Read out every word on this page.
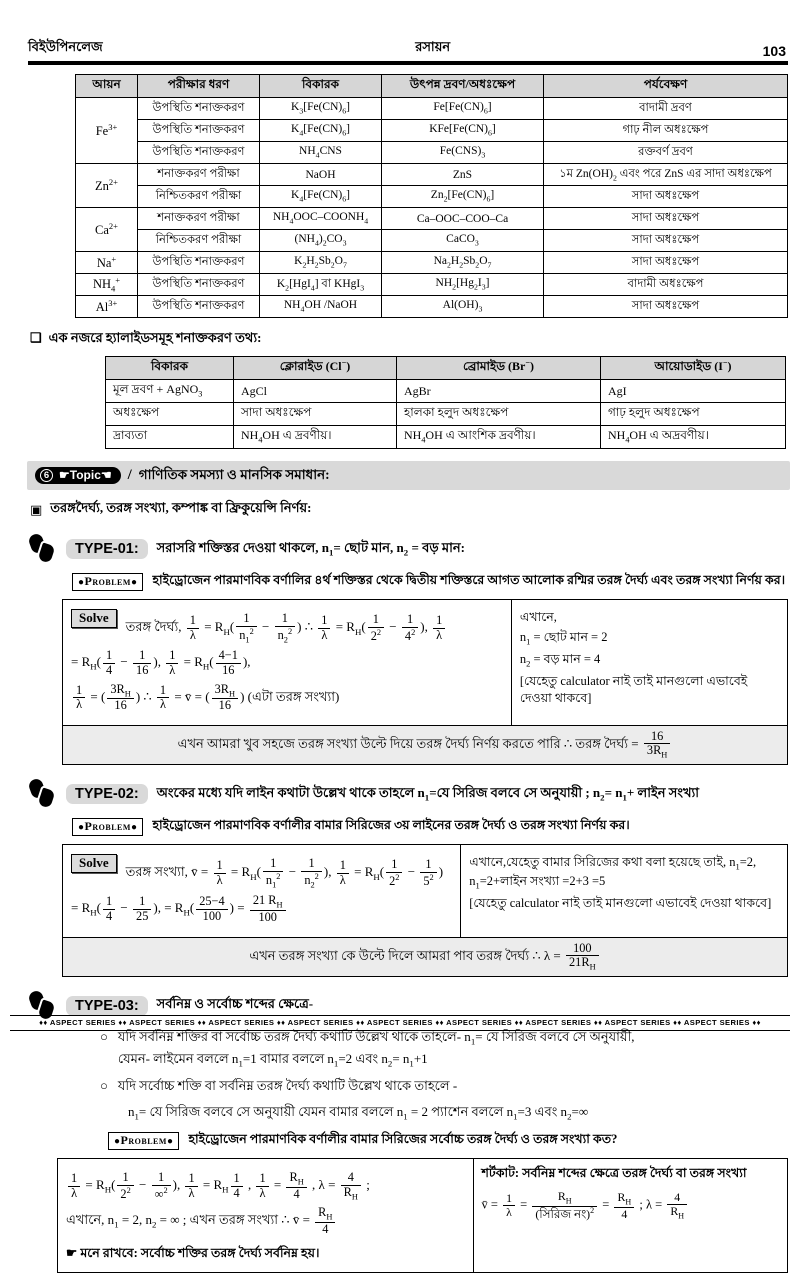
বিইউপিনলেজ	রসায়ন	103
আয়ন	পরীক্ষার ধরণ	বিকারক	উৎপন্ন দ্রবণ/অধঃক্ষেপ	পর্যবেক্ষণ
$Fe^{3+}$	উপস্থিতি শনাক্তকরণ	$K_3[Fe(CN)_6]$	$Fe[Fe(CN)_6]$	বাদামী দ্রবণ
	উপস্থিতি শনাক্তকরণ	$K_4[Fe(CN)_6]$	$KFe[Fe(CN)_6]$	গাঢ় নীল অধঃক্ষেপ
	উপস্থিতি শনাক্তকরণ	$NH_4CNS$	$Fe(CNS)_3$	রক্তবর্ণ দ্রবণ
$Zn^{2+}$	শনাক্তকরণ পরীক্ষা	NaOH	ZnS	১ম $Zn(OH)_2$ এবং পরে ZnS এর সাদা অধঃক্ষেপ
	নিশ্চিতকরণ পরীক্ষা	$K_4[Fe(CN)_6]$	$Zn_2[Fe(CN)_6]$	সাদা অধঃক্ষেপ
$Ca^{2+}$	শনাক্তকরণ পরীক্ষা	$NH_4OOC-COONH_4$	Ca–OOC–COO–Ca	সাদা অধঃক্ষেপ
	নিশ্চিতকরণ পরীক্ষা	$(NH_4)_2CO_3$	CaCO$_3$	সাদা অধঃক্ষেপ
Na+	উপস্থিতি শনাক্তকরণ	$K_2H_2Sb_2O_7$	$Na_2H_2Sb_2O_7$	সাদা অধঃক্ষেপ
$NH_4^+$	উপস্থিতি শনাক্তকরণ	$K_2[HgI_4]$ বা KHgI$_3$	$NH_2[Hg_2I_3]$	বাদামী অধঃক্ষেপ
$Al^{3+}$	উপস্থিতি শনাক্তকরণ	$NH_4OH$ /NaOH	$Al(OH)_3$	সাদা অধঃক্ষেপ
❏ এক নজরে হ্যালাইডসমূহ শনাক্তকরণ তথ্য:
বিকারক	ক্লোরাইড (Cl−)	ব্রোমাইড (Br−)	আয়োডাইড (I−)
মূল দ্রবণ + AgNO$_3$	AgCl	AgBr	AgI
অধঃক্ষেপ	সাদা অধঃক্ষেপ	হালকা হলুদ অধঃক্ষেপ	গাঢ় হলুদ অধঃক্ষেপ
দ্রাব্যতা	$NH_4OH$ এ দ্রবণীয়।	$NH_4OH$ এ আংশিক দ্রবণীয়।	$NH_4OH$ এ অদ্রবণীয়।
6 ☛Topic☚ / গাণিতিক সমস্যা ও মানসিক সমাধান:
▣ তরঙ্গদৈর্ঘ্য, তরঙ্গ সংখ্যা, কম্পাঙ্ক বা ফ্রিকুয়েন্সি নির্ণয়:
TYPE-01:	সরাসরি শক্তিস্তর দেওয়া থাকলে, $n_1=$ ছোট মান, $n_2$ = বড় মান:
●Problem●	হাইড্রোজেন পারমাণবিক বর্ণালির ৪র্থ শক্তিস্তর থেকে দ্বিতীয় শক্তিস্তরে আগত আলোক রশ্মির তরঙ্গ দৈর্ঘ্য এবং তরঙ্গ সংখ্যা নির্ণয় কর।
Solve
তরঙ্গ দৈর্ঘ্য, $\frac{1}{\lambda} = R_H( \frac{1}{n_1^2} - \frac{1}{n_2^2}$ ) ∴ $\frac{1}{\lambda} = R_H( \frac{1}{2^2} - \frac{1}{4^2}$ ), $\frac{1}{\lambda}$
= $R_H( \frac{1}{4} - \frac{1}{16}$ ), $\frac{1}{\lambda} = R_H( \frac{4-1}{16}$ ),
$\frac{1}{\lambda}$ = ( $\frac{3R_H}{16}$ ) ∴ $\frac{1}{\lambda}$ = v̄ = ( $\frac{3R_H}{16}$ ) (এটা তরঙ্গ সংখ্যা)
এখানে,
$n_1$ = ছোট মান = 2
$n_2$ = বড় মান = 4
[যেহেতু calculator নাই তাই মানগুলো এভাবেই দেওয়া থাকবে]
এখন আমরা খুব সহজে তরঙ্গ সংখ্যা উল্টে দিয়ে তরঙ্গ দৈর্ঘ্য নির্ণয় করতে পারি ∴ তরঙ্গ দৈর্ঘ্য = $\frac{16}{3R_H}$
TYPE-02:	অংকের মধ্যে যদি লাইন কথাটা উল্লেখ থাকে তাহলে $n_1=যে$ সিরিজ বলবে সে অনুযায়ী ; $n_2= n_1+$ লাইন সংখ্যা
●Problem●	হাইড্রোজেন পারমাণবিক বর্ণালীর বামার সিরিজের ৩য় লাইনের তরঙ্গ দৈর্ঘ্য ও তরঙ্গ সংখ্যা নির্ণয় কর।
Solve
তরঙ্গ সংখ্যা, v̄ = $\frac{1}{\lambda} = R_H( \frac{1}{n_1^2} - \frac{1}{n_2^2}$ ), $\frac{1}{\lambda} = R_H( \frac{1}{2^2} - \frac{1}{5^2}$ )
= $R_H( \frac{1}{4} - \frac{1}{25}$ ), = $R_H( \frac{25-4}{100}$ ) = $\frac{21 R_H}{100}$
এখানে,যেহেতু বামার সিরিজের কথা বলা হয়েছে তাই, $n_1=2$, $n_1=2+লাইন$ সংখ্যা =2+3 =5
[যেহেতু calculator নাই তাই মানগুলো এভাবেই দেওয়া থাকবে]
এখন তরঙ্গ সংখ্যা কে উল্টে দিলে আমরা পাব তরঙ্গ দৈর্ঘ্য ∴ $\lambda = \frac{100}{21R_H}$
TYPE-03:	সর্বনিম্ন ও সর্বোচ্চ শব্দের ক্ষেত্রে-
○ যদি সর্বনিম্ন শক্তির বা সর্বোচ্চ তরঙ্গ দৈর্ঘ্য কথাটি উল্লেখ থাকে তাহলে- $n_1=$ যে সিরিজ বলবে সে অনুযায়ী,
যেমন- লাইমেন বললে $n_1=1$ বামার বললে $n_1=2$ এবং $n_2= n_1+1$
○ যদি সর্বোচ্চ শক্তি বা সর্বনিম্ন তরঙ্গ দৈর্ঘ্য কথাটি উল্লেখ থাকে তাহলে -
$n_1=$ যে সিরিজ বলবে সে অনুযায়ী যেমন বামার বললে $n_1 = 2$ প্যাশেন বললে $n_1=3$ এবং $n_2=\infty$
●Problem●	হাইড্রোজেন পারমাণবিক বর্ণালীর বামার সিরিজের সর্বোচ্চ তরঙ্গ দৈর্ঘ্য ও তরঙ্গ সংখ্যা কত?
$\frac{1}{\lambda} = R_H( \frac{1}{2^2} - \frac{1}{\infty^2}$ ), $\frac{1}{\lambda} = R_H \frac{1}{4}$ , $\frac{1}{\lambda} = \frac{R_H}{4}$ , $\lambda = \frac{4}{R_H}$ ;
এখানে, $n_1 = 2$, $n_2$ = ∞ ; এখন তরঙ্গ সংখ্যা ∴ v̄ = $\frac{R_H}{4}$
☛ মনে রাখবে: সর্বোচ্চ শক্তির তরঙ্গ দৈর্ঘ্য সর্বনিম্ন হয়।
শর্টকাট: সর্বনিম্ন শব্দের ক্ষেত্রে তরঙ্গ দৈর্ঘ্য বা তরঙ্গ সংখ্যা
v̄ = $\frac{1}{\lambda} = \frac{R_H}{(সিরিজ নং)^2} = \frac{R_H}{4}$ ; $\lambda = \frac{4}{R_H}$
♦♦ ASPECT SERIES ♦♦ ASPECT SERIES ♦♦ ASPECT SERIES ♦♦ ASPECT SERIES ♦♦ ASPECT SERIES ♦♦ ASPECT SERIES ♦♦ ASPECT SERIES ♦♦ ASPECT SERIES ♦♦ ASPECT SERIES ♦♦
